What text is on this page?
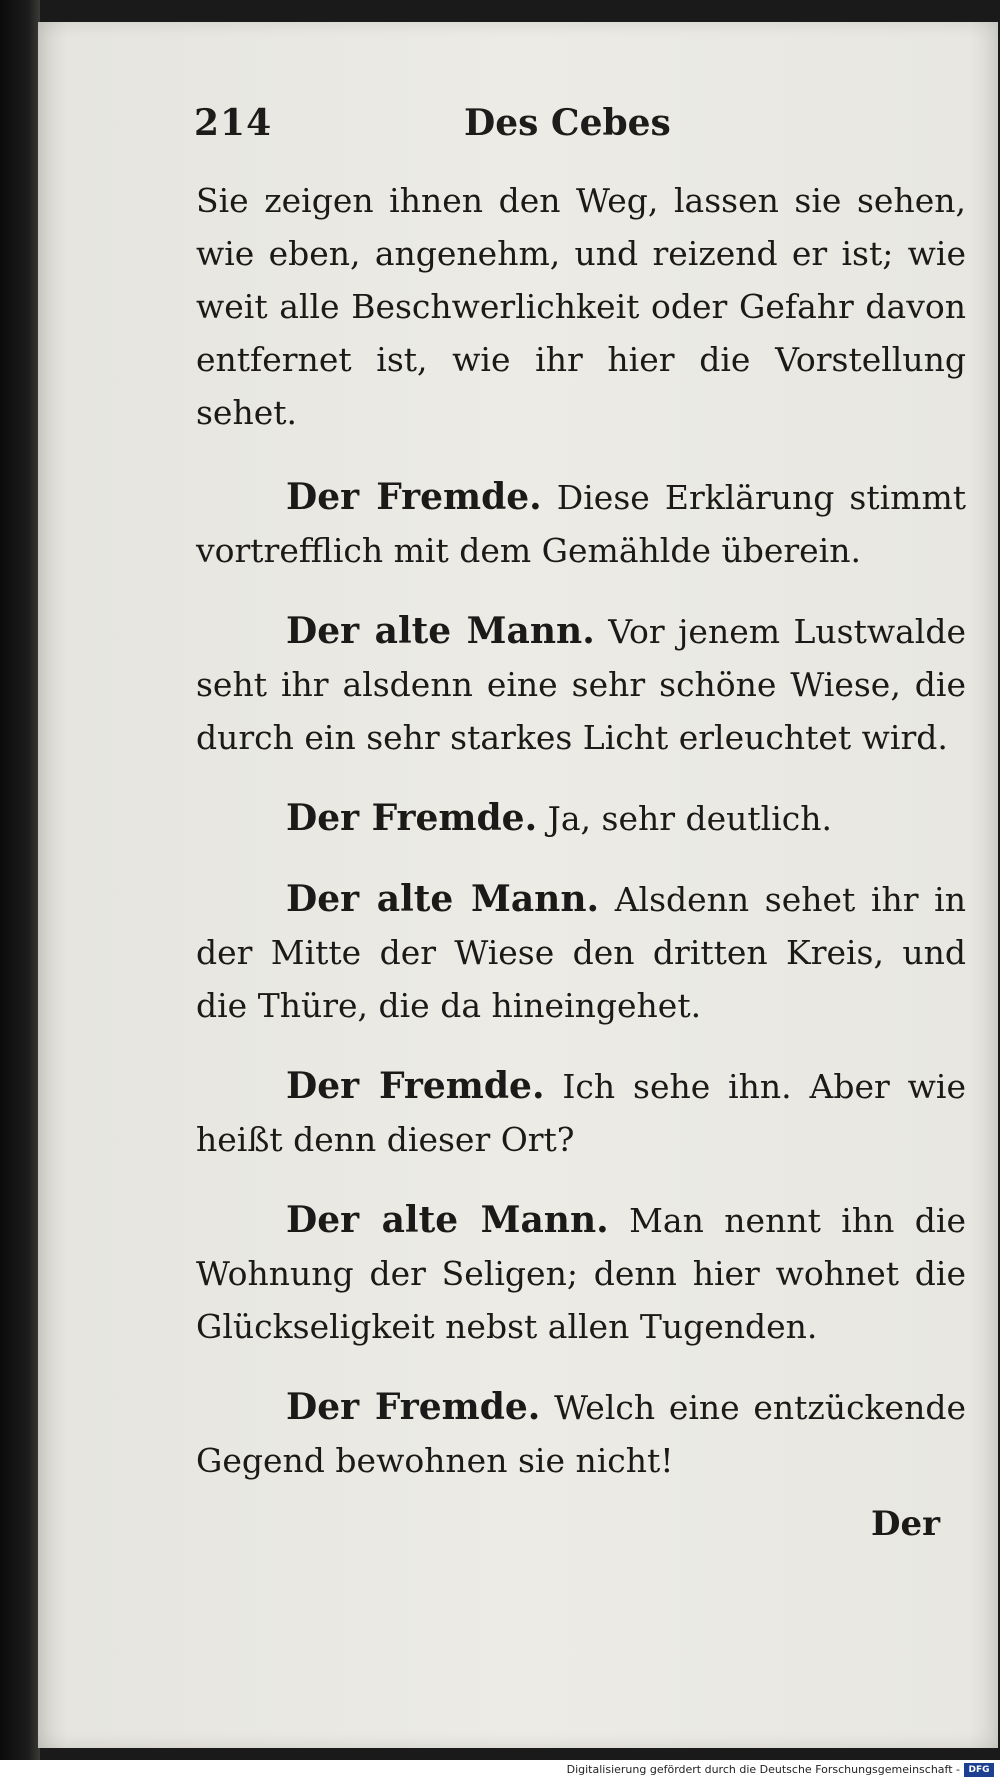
214	Des Cebes

Sie zeigen ihnen den Weg, lassen sie sehen, wie eben, angenehm, und reizend er ist; wie weit alle Beschwerlichkeit oder Gefahr davon entfernet ist, wie ihr hier die Vorstellung sehet.

Der Fremde. Diese Erklärung stimmt vortrefflich mit dem Gemählde überein.

Der alte Mann. Vor jenem Lustwalde seht ihr alsdenn eine sehr schöne Wiese, die durch ein sehr starkes Licht erleuchtet wird.

Der Fremde. Ja, sehr deutlich.

Der alte Mann. Alsdenn sehet ihr in der Mitte der Wiese den dritten Kreis, und die Thüre, die da hineingehet.

Der Fremde. Ich sehe ihn. Aber wie heißt denn dieser Ort?

Der alte Mann. Man nennt ihn die Wohnung der Seligen; denn hier wohnet die Glückseligkeit nebst allen Tugenden.

Der Fremde. Welch eine entzückende Gegend bewohnen sie nicht!

Der
Digitalisierung gefördert durch die Deutsche Forschungsgemeinschaft - DFG
